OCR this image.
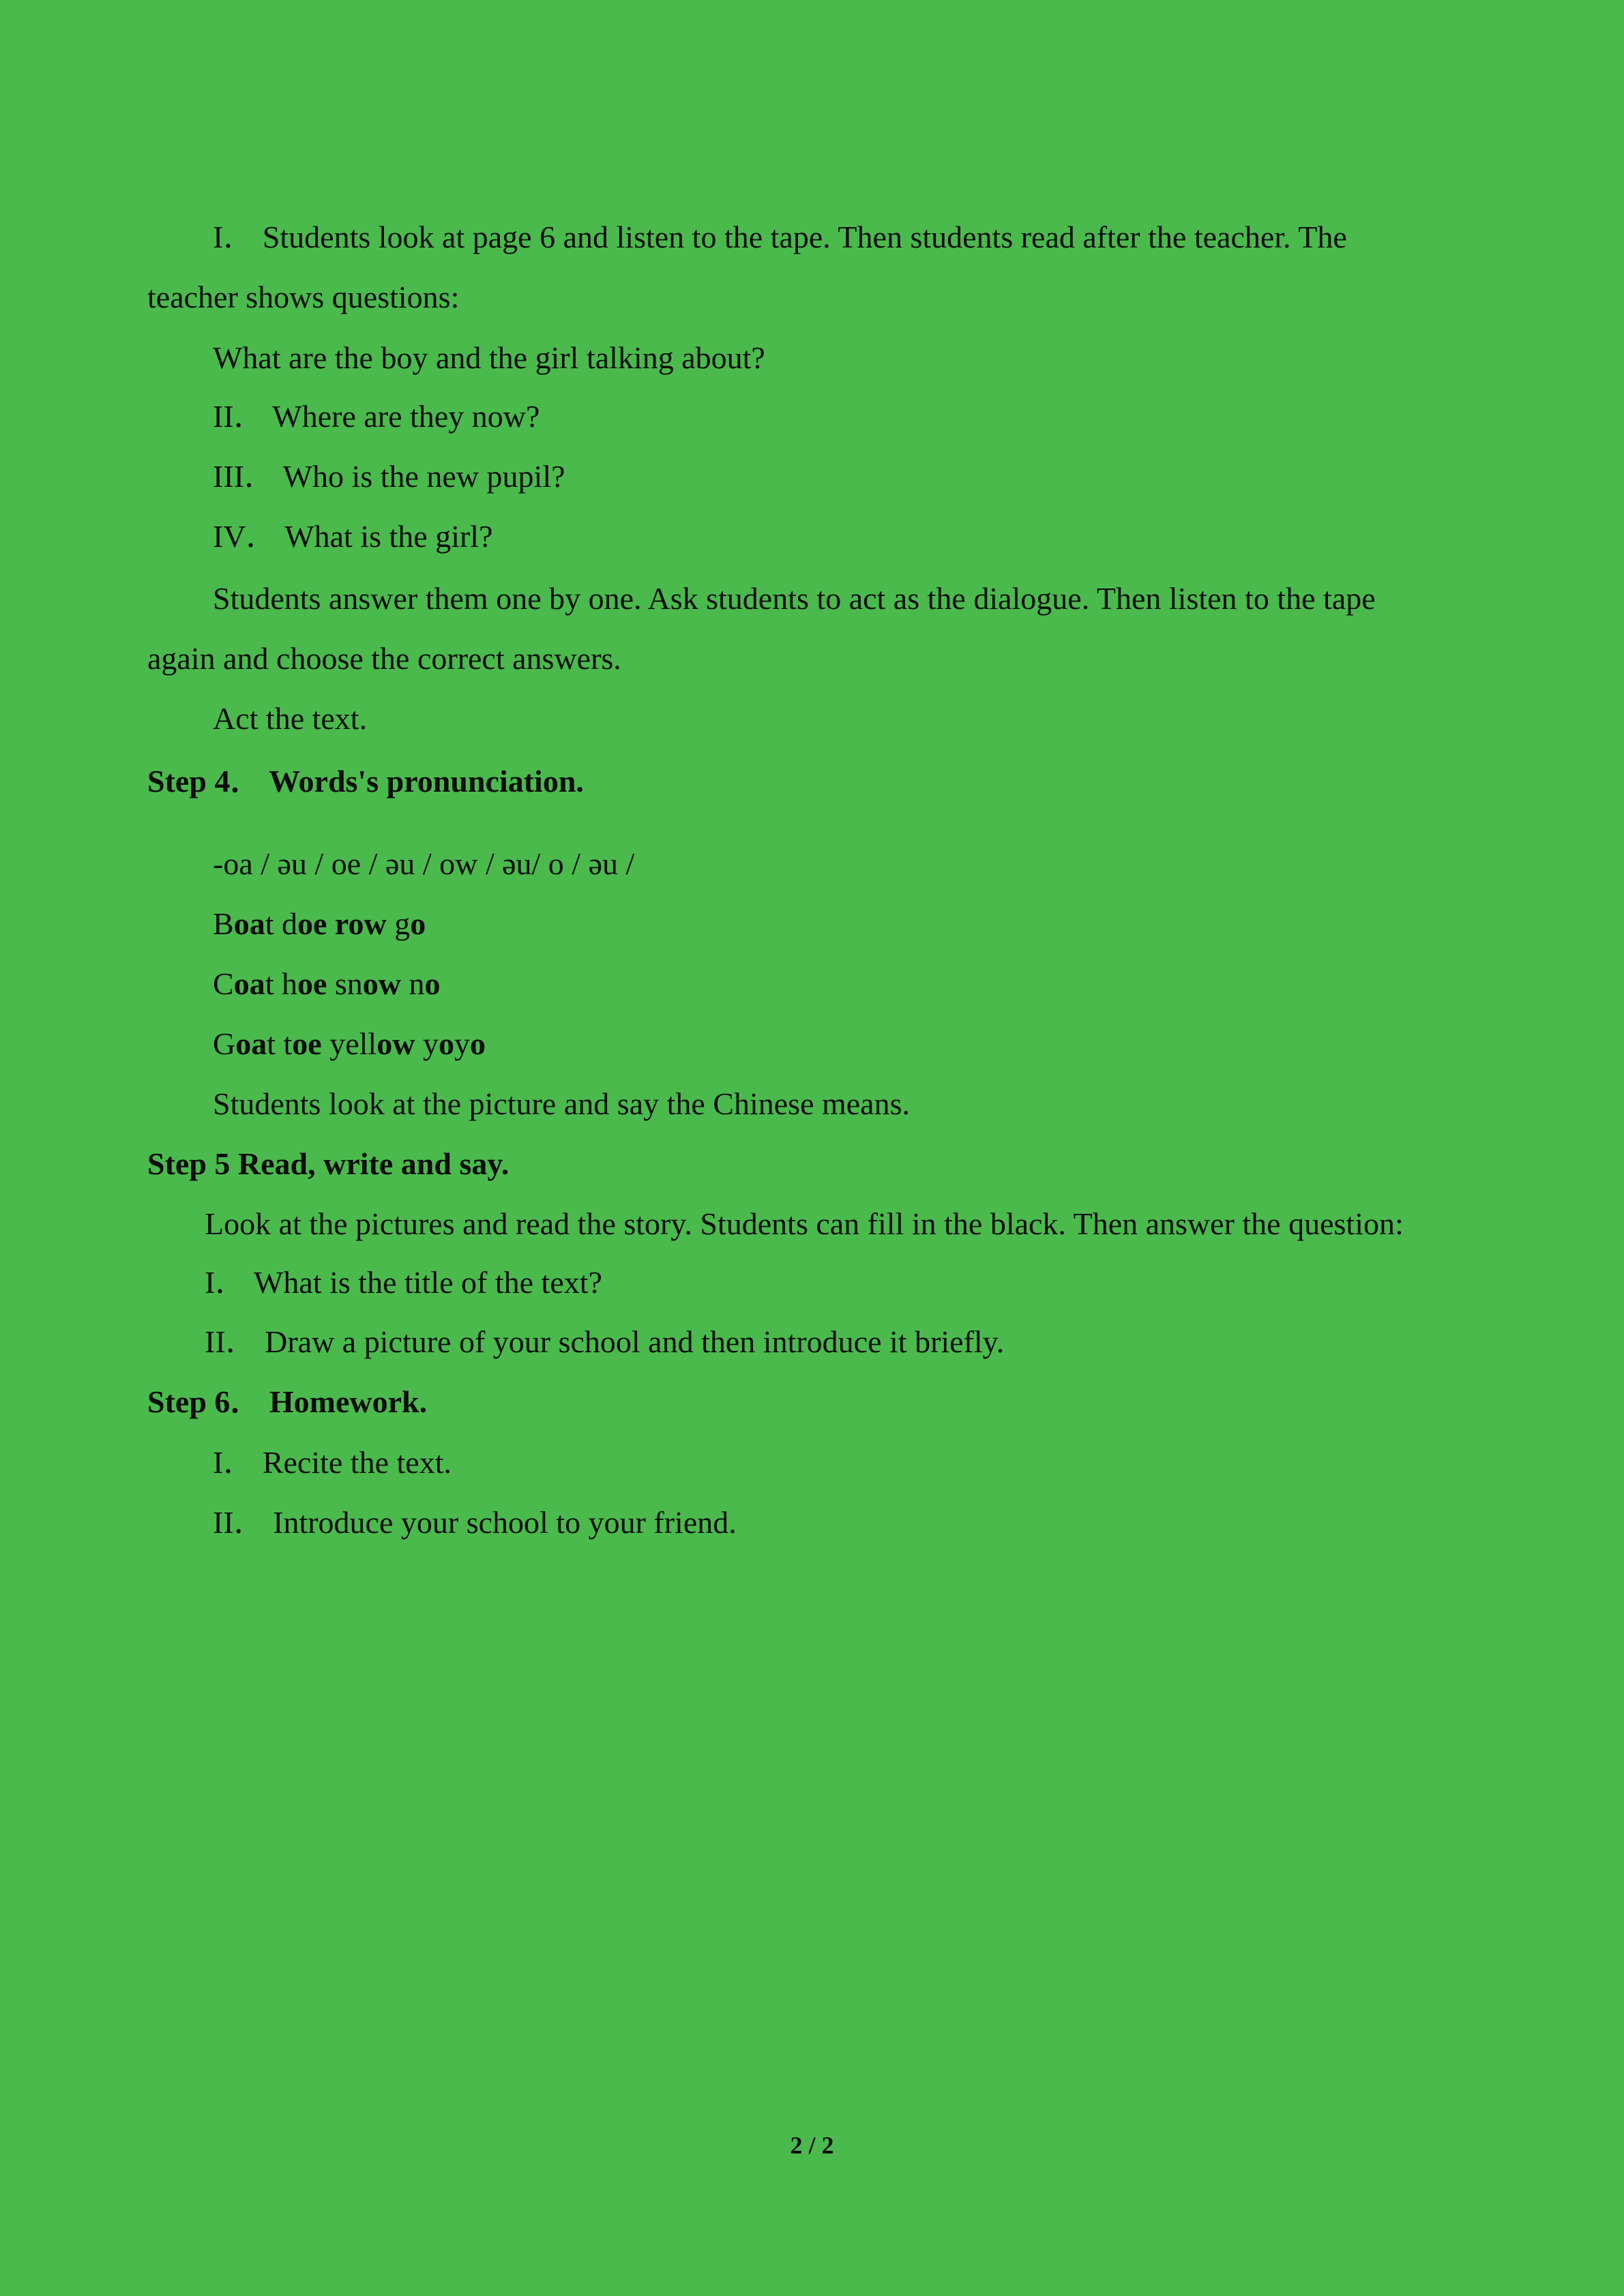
I． Students look at page 6 and listen to the tape. Then students read after the teacher. The
teacher shows questions:
What are the boy and the girl talking about?
II． Where are they now?
III． Who is the new pupil?
IV． What is the girl?
Students answer them one by one. Ask students to act as the dialogue. Then listen to the tape
again and choose the correct answers.
Act the text.
Step 4． Words's pronunciation.
-oa / əu / oe / əu / ow / əu/ o / əu /
Boat doe row go
Coat hoe snow no
Goat toe yellow yoyo
Students look at the picture and say the Chinese means.
Step 5 Read, write and say.
Look at the pictures and read the story. Students can fill in the black. Then answer the question:
I． What is the title of the text?
II． Draw a picture of your school and then introduce it briefly.
Step 6． Homework.
I． Recite the text.
II． Introduce your school to your friend.
2 / 2
